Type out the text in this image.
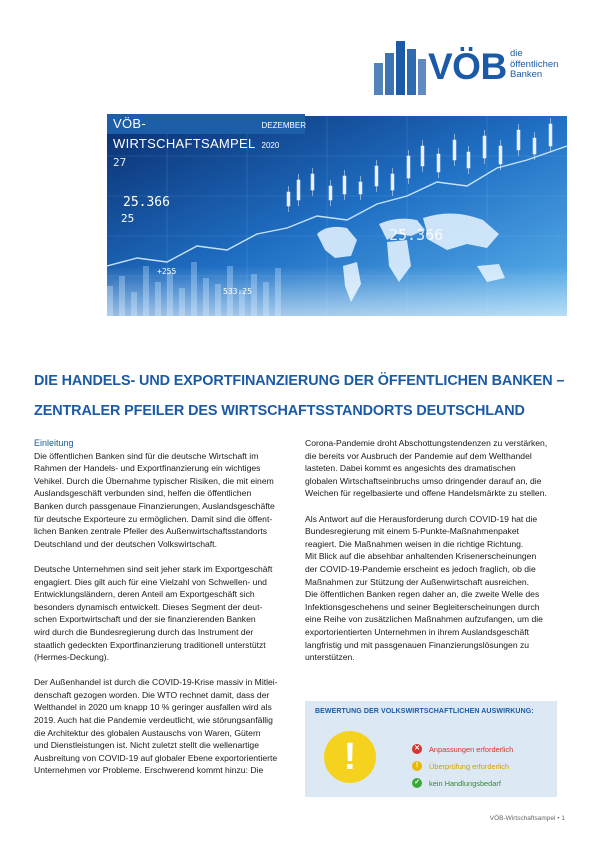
VÖB die
öffentlichen
Banken
25.366
25
25.366
+255
533.25
27
VÖB-WIRTSCHAFTSAMPEL
DEZEMBER 2020
DIE HANDELS- UND EXPORTFINANZIERUNG DER ÖFFENTLICHEN BANKEN –
ZENTRALER PFEILER DES WIRTSCHAFTSSTANDORTS DEUTSCHLAND
Einleitung

Die öffentlichen Banken sind für die deutsche Wirtschaft im
Rahmen der Handels- und Exportfinanzierung ein wichtiges
Vehikel. Durch die Übernahme typischer Risiken, die mit einem
Auslandsgeschäft verbunden sind, helfen die öffentlichen
Banken durch passgenaue Finanzierungen, Auslandsgeschäfte
für deutsche Exporteure zu ermöglichen. Damit sind die öffent-
lichen Banken zentrale Pfeiler des Außenwirtschaftsstandorts
Deutschland und der deutschen Volkswirtschaft.

Deutsche Unternehmen sind seit jeher stark im Exportgeschäft
engagiert. Dies gilt auch für eine Vielzahl von Schwellen- und
Entwicklungsländern, deren Anteil am Exportgeschäft sich
besonders dynamisch entwickelt. Dieses Segment der deut-
schen Exportwirtschaft und der sie finanzierenden Banken
wird durch die Bundesregierung durch das Instrument der
staatlich gedeckten Exportfinanzierung traditionell unterstützt
(Hermes-Deckung).

Der Außenhandel ist durch die COVID-19-Krise massiv in Mitlei-
denschaft gezogen worden. Die WTO rechnet damit, dass der
Welthandel in 2020 um knapp 10 % geringer ausfallen wird als
2019. Auch hat die Pandemie verdeutlicht, wie störungsanfällig
die Architektur des globalen Austauschs von Waren, Gütern
und Dienstleistungen ist. Nicht zuletzt stellt die wellenartige
Ausbreitung von COVID-19 auf globaler Ebene exportorientierte
Unternehmen vor Probleme. Erschwerend kommt hinzu: Die

Corona-Pandemie droht Abschottungstendenzen zu verstärken,
die bereits vor Ausbruch der Pandemie auf dem Welthandel
lasteten. Dabei kommt es angesichts des dramatischen
globalen Wirtschaftseinbruchs umso dringender darauf an, die
Weichen für regelbasierte und offene Handelsmärkte zu stellen.

Als Antwort auf die Herausforderung durch COVID-19 hat die
Bundesregierung mit einem 5-Punkte-Maßnahmenpaket
reagiert. Die Maßnahmen weisen in die richtige Richtung.
Mit Blick auf die absehbar anhaltenden Krisenerscheinungen
der COVID-19-Pandemie erscheint es jedoch fraglich, ob die
Maßnahmen zur Stützung der Außenwirtschaft ausreichen.
Die öffentlichen Banken regen daher an, die zweite Welle des
Infektionsgeschehens und seiner Begleiterscheinungen durch
eine Reihe von zusätzlichen Maßnahmen aufzufangen, um die
exportorientierten Unternehmen in ihrem Auslandsgeschäft
langfristig und mit passgenauen Finanzierungslösungen zu
unterstützen.

BEWERTUNG DER VOLKSWIRTSCHAFTLICHEN AUSWIRKUNG:
!	✕ Anpassungen erforderlich
!	Überprüfung erforderlich
✓ kein Handlungsbedarf
VÖB-Wirtschaftsampel • 1
